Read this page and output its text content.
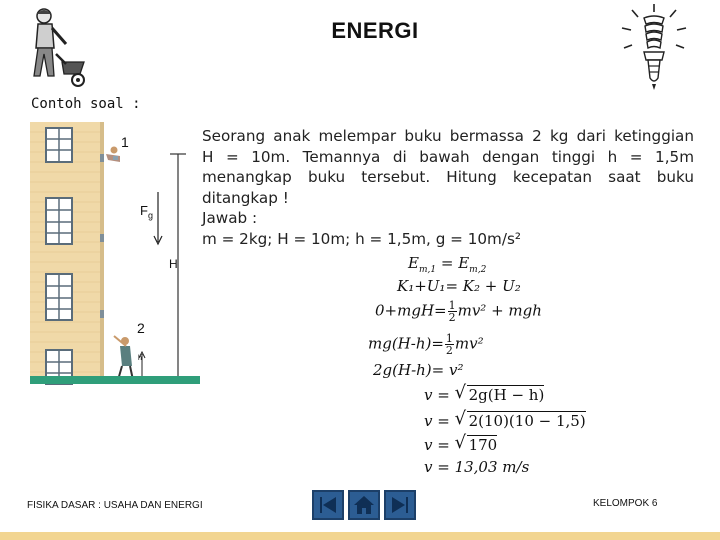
ENERGI
Contoh soal :
1
$F_g$
H
2
h
Seorang anak melempar buku bermassa 2 kg dari ketinggian
H = 10m. Temannya di bawah dengan tinggi h = 1,5m
menangkap buku tersebut. Hitung kecepatan saat buku
ditangkap !
Jawab :
m = 2kg; H = 10m; h = 1,5m, g = 10m/s²
$E_{m,1} = E_{m,2}$
K₁+U₁= K₂ + U₂
$0+mgH= \frac{1}{2} mv^2$ + mgh
$mg(H-h)= \frac{1}{2} mv^2$
2g(H-h)= v²
v = √ 2g(H − h)
v = √ 2(10)(10 − 1,5)
v = √ 170
v = 13,03 m/s
FISIKA DASAR : USAHA DAN ENERGI	KELOMPOK 6
